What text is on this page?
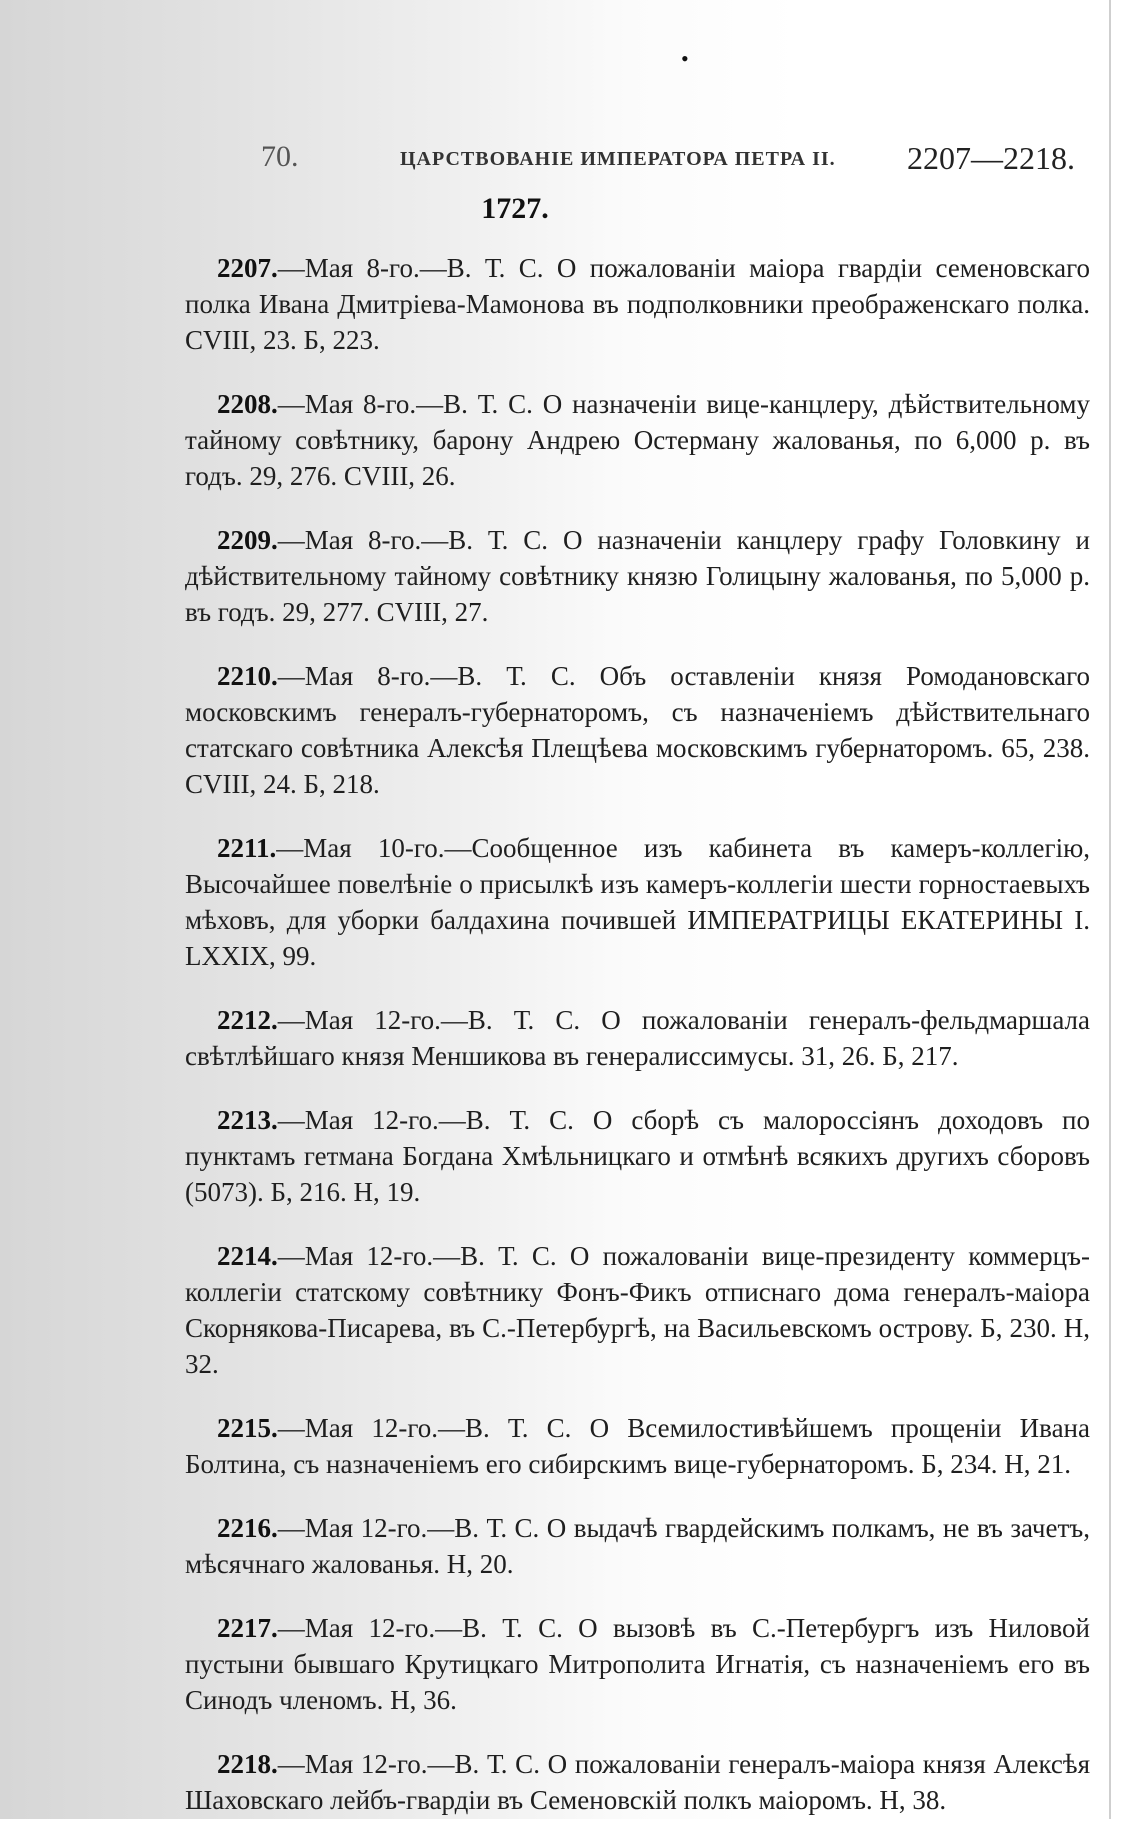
•
70.	ЦАРСТВОВАНІЕ ИМПЕРАТОРА ПЕТРА II. 2207—2218.
1727.
2207.—Мая 8-го.—В. Т. С. О пожалованіи маіора гвардіи семеновскаго полка Ивана Дмитріева-Мамонова въ подполковники преображенскаго полка. CVIII, 23. Б, 223.
2208.—Мая 8-го.—В. Т. С. О назначеніи вице-канцлеру, дѣйствительному тайному совѣтнику, барону Андрею Остерману жалованья, по 6,000 р. въ годъ. 29, 276. CVIII, 26.
2209.—Мая 8-го.—В. Т. С. О назначеніи канцлеру графу Головкину и дѣйствительному тайному совѣтнику князю Голицыну жалованья, по 5,000 р. въ годъ. 29, 277. CVIII, 27.
2210.—Мая 8-го.—В. Т. С. Объ оставленіи князя Ромодановскаго московскимъ генералъ-губернаторомъ, съ назначеніемъ дѣйствительнаго статскаго совѣтника Алексѣя Плещѣева московскимъ губернаторомъ. 65, 238. CVIII, 24. Б, 218.
2211.—Мая 10-го.—Сообщенное изъ кабинета въ камеръ-коллегію, Высочайшее повелѣніе о присылкѣ изъ камеръ-коллегіи шести горностаевыхъ мѣховъ, для уборки балдахина почившей ИМПЕРАТРИЦЫ ЕКАТЕРИНЫ I. LXXIX, 99.
2212.—Мая 12-го.—В. Т. С. О пожалованіи генералъ-фельдмаршала свѣтлѣйшаго князя Меншикова въ генералиссимусы. 31, 26. Б, 217.
2213.—Мая 12-го.—В. Т. С. О сборѣ съ малороссіянъ доходовъ по пунктамъ гетмана Богдана Хмѣльницкаго и отмѣнѣ всякихъ другихъ сборовъ (5073). Б, 216. Н, 19.
2214.—Мая 12-го.—В. Т. С. О пожалованіи вице-президенту коммерцъ-коллегіи статскому совѣтнику Фонъ-Фикъ отписнаго дома генералъ-маіора Скорнякова-Писарева, въ С.-Петербургѣ, на Васильевскомъ острову. Б, 230. Н, 32.
2215.—Мая 12-го.—В. Т. С. О Всемилостивѣйшемъ прощеніи Ивана Болтина, съ назначеніемъ его сибирскимъ вице-губернаторомъ. Б, 234. Н, 21.
2216.—Мая 12-го.—В. Т. С. О выдачѣ гвардейскимъ полкамъ, не въ зачетъ, мѣсячнаго жалованья. Н, 20.
2217.—Мая 12-го.—В. Т. С. О вызовѣ въ С.-Петербургъ изъ Ниловой пустыни бывшаго Крутицкаго Митрополита Игнатія, съ назначеніемъ его въ Синодъ членомъ. Н, 36.
2218.—Мая 12-го.—В. Т. С. О пожалованіи генералъ-маіора князя Алексѣя Шаховскаго лейбъ-гвардіи въ Семеновскій полкъ маіоромъ. Н, 38.
